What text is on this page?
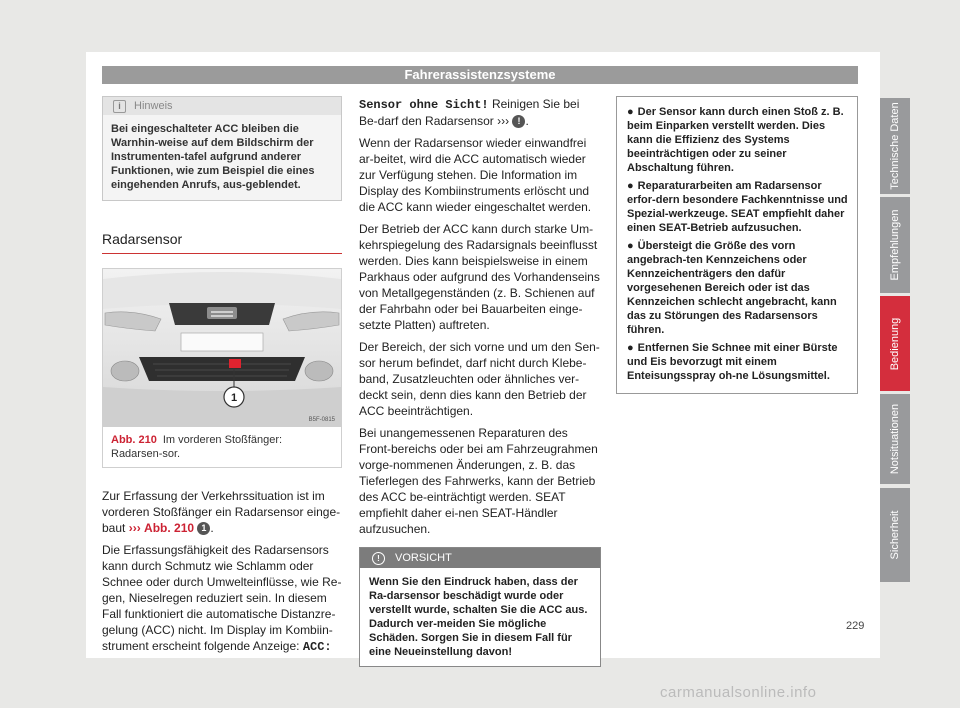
Fahrerassistenzsysteme
i Hinweis
Bei eingeschalteter ACC bleiben die Warnhin-weise auf dem Bildschirm der Instrumenten-tafel aufgrund anderer Funktionen, wie zum Beispiel die eines eingehenden Anrufs, aus-geblendet.
Radarsensor
1
B5F-0815
Abb. 210 Im vorderen Stoßfänger: Radarsen-sor.

Zur Erfassung der Verkehrssituation ist im vorderen Stoßfänger ein Radarsensor einge-baut ››› Abb. 210 1 .

Die Erfassungsfähigkeit des Radarsensors kann durch Schmutz wie Schlamm oder Schnee oder durch Umwelteinflüsse, wie Re-gen, Nieselregen reduziert sein. In diesem Fall funktioniert die automatische Distanzre-gelung (ACC) nicht. Im Display im Kombiin-strument erscheint folgende Anzeige: ACC:

Sensor ohne Sicht! Reinigen Sie bei Be-darf den Radarsensor ››› ! .

Wenn der Radarsensor wieder einwandfrei ar-beitet, wird die ACC automatisch wieder zur Verfügung stehen. Die Information im Display des Kombiinstruments erlöscht und die ACC kann wieder eingeschaltet werden.

Der Betrieb der ACC kann durch starke Um-kehrspiegelung des Radarsignals beeinflusst werden. Dies kann beispielsweise in einem Parkhaus oder aufgrund des Vorhandenseins von Metallgegenständen (z. B. Schienen auf der Fahrbahn oder bei Bauarbeiten einge-setzte Platten) auftreten.

Der Bereich, der sich vorne und um den Sen-sor herum befindet, darf nicht durch Klebe-band, Zusatzleuchten oder ähnliches ver-deckt sein, denn dies kann den Betrieb der ACC beeinträchtigen.

Bei unangemessenen Reparaturen des Front-bereichs oder bei am Fahrzeugrahmen vorge-nommenen Änderungen, z. B. das Tieferlegen des Fahrwerks, kann der Betrieb des ACC be-einträchtigt werden. SEAT empfiehlt daher ei-nen SEAT-Händler aufzusuchen.

! VORSICHT
Wenn Sie den Eindruck haben, dass der Ra-darsensor beschädigt wurde oder verstellt wurde, schalten Sie die ACC aus. Dadurch ver-meiden Sie mögliche Schäden. Sorgen Sie in diesem Fall für eine Neueinstellung davon!
● Der Sensor kann durch einen Stoß z. B. beim Einparken verstellt werden. Dies kann die Effizienz des Systems beeinträchtigen oder zu seiner Abschaltung führen.
● Reparaturarbeiten am Radarsensor erfor-dern besondere Fachkenntnisse und Spezial-werkzeuge. SEAT empfiehlt daher einen SEAT-Betrieb aufzusuchen.
● Übersteigt die Größe des vorn angebrach-ten Kennzeichens oder Kennzeichenträgers den dafür vorgesehenen Bereich oder ist das Kennzeichen schlecht angebracht, kann das zu Störungen des Radarsensors führen.
● Entfernen Sie Schnee mit einer Bürste und Eis bevorzugt mit einem Enteisungsspray oh-ne Lösungsmittel.
Technische Daten
Empfehlungen
Bedienung
Notsituationen
Sicherheit
229
carmanualsonline.info
